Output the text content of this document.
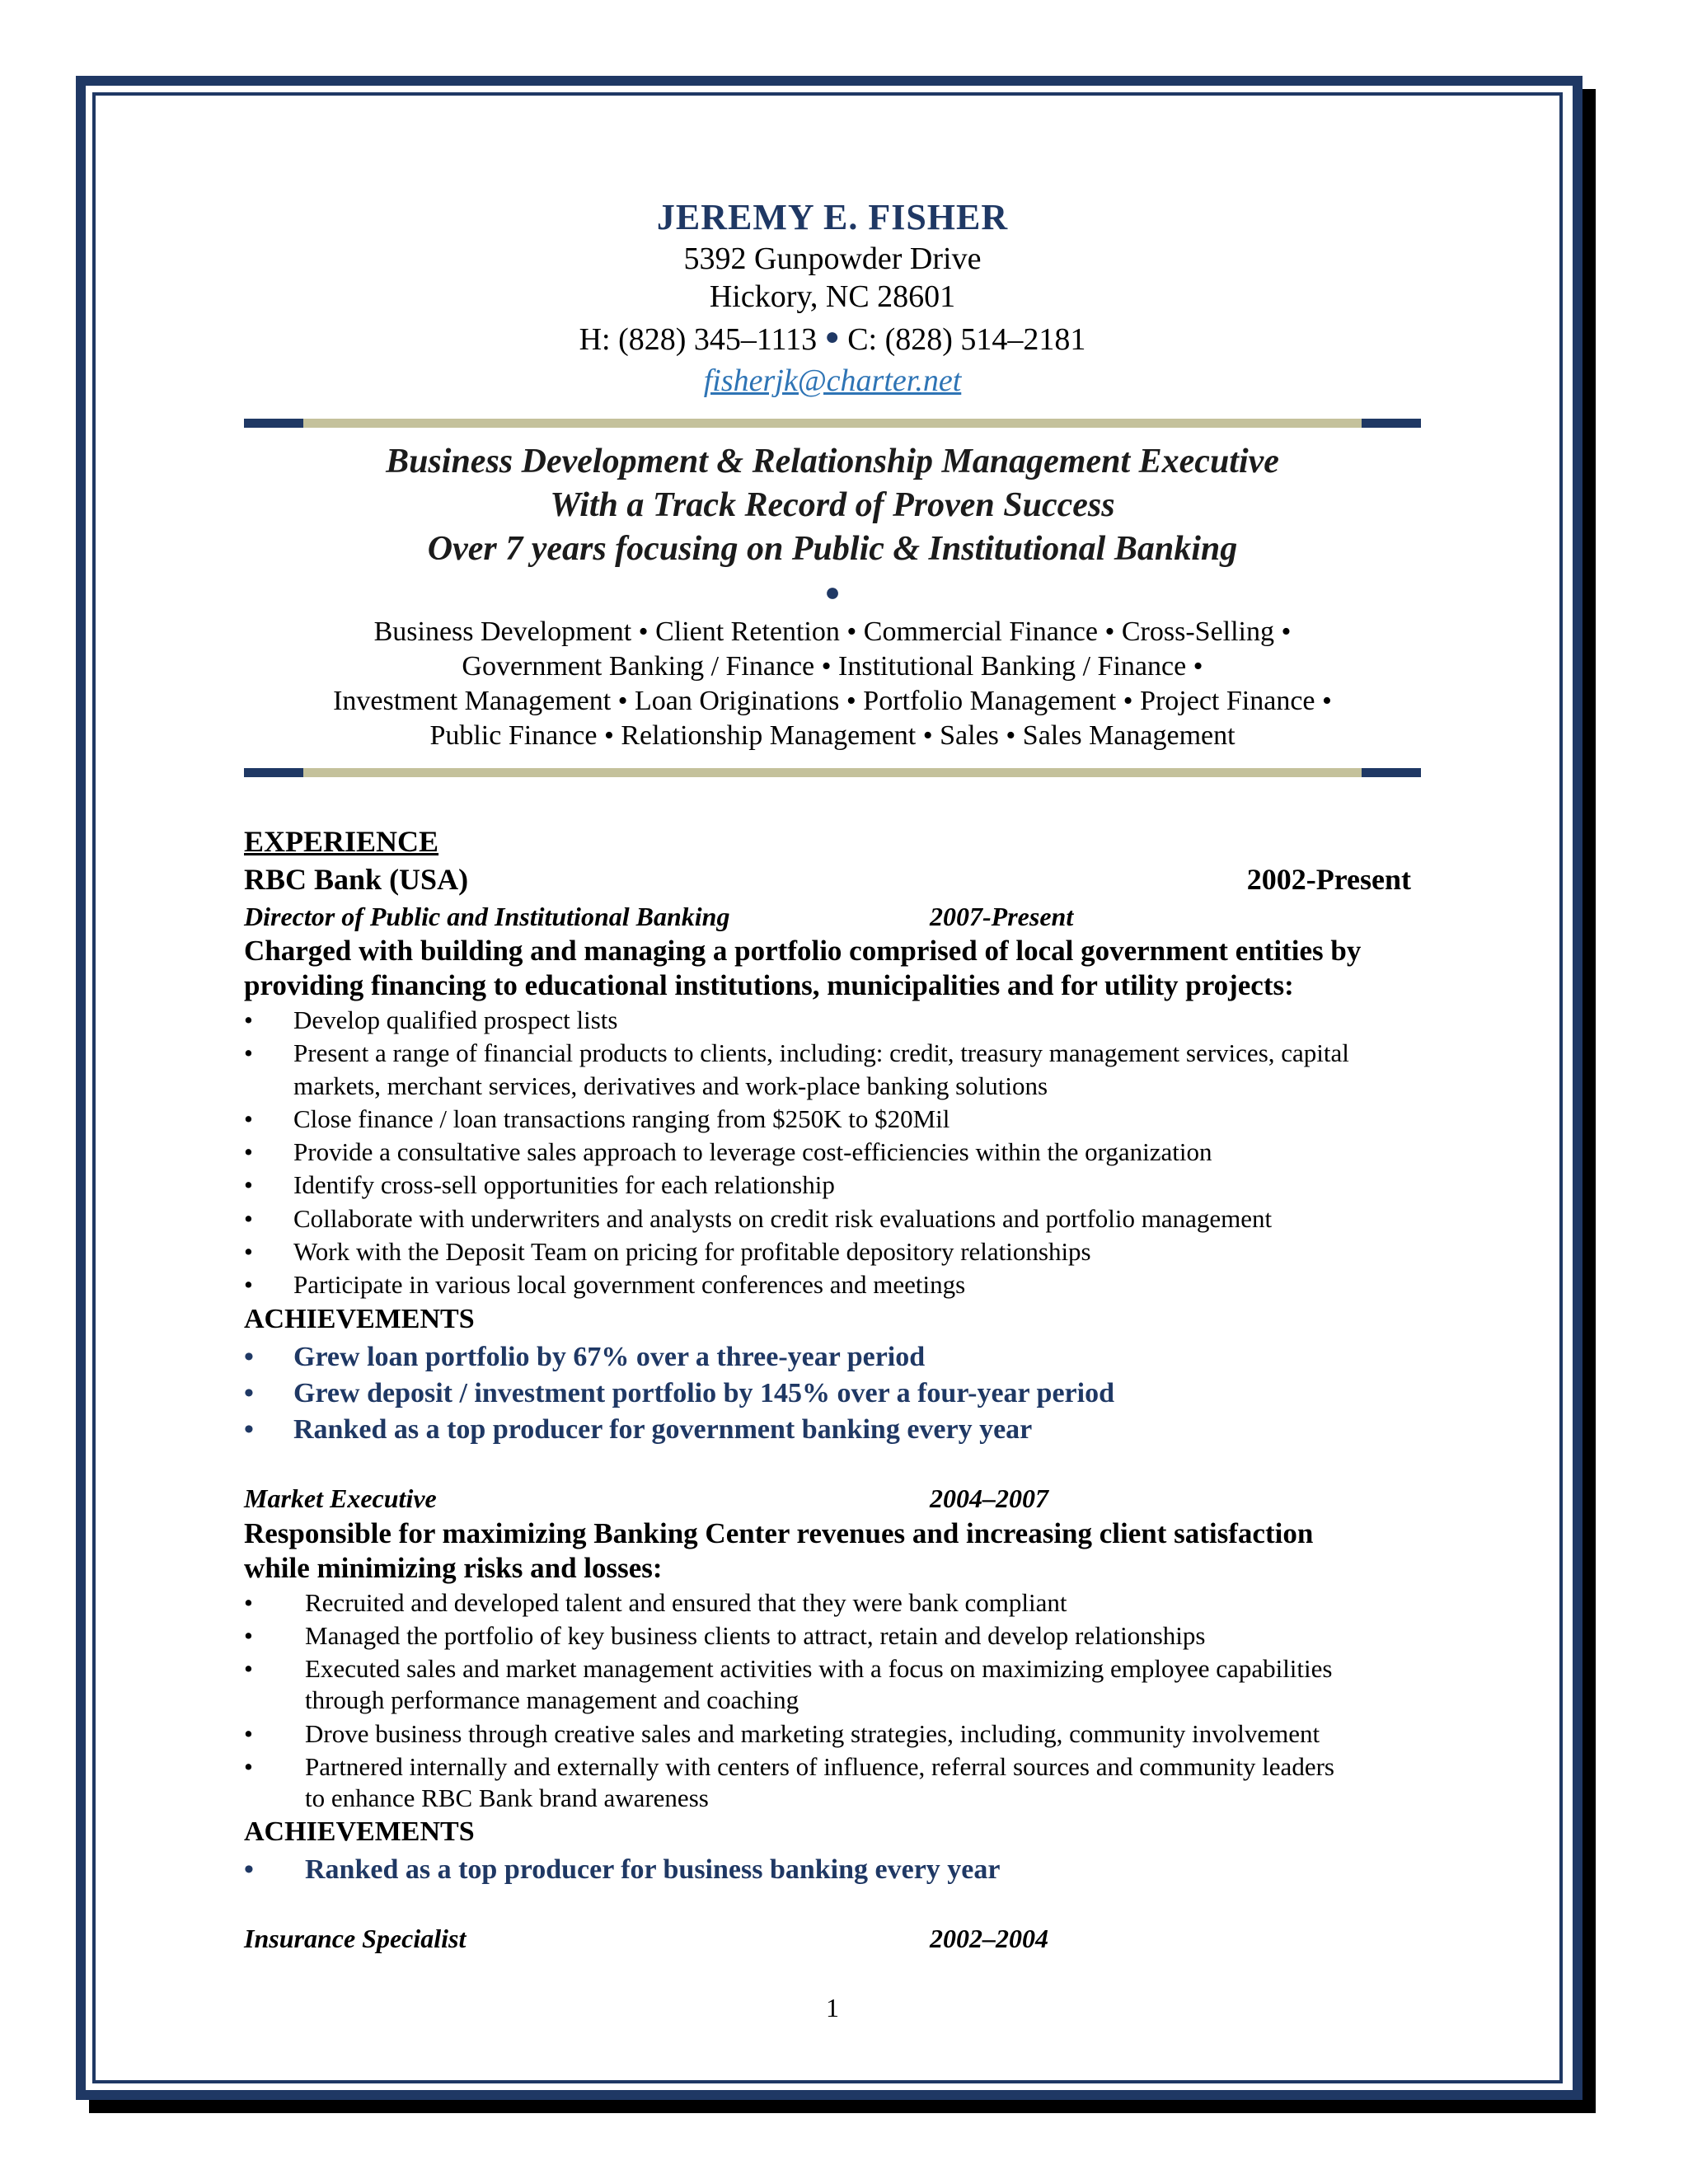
JEREMY E. FISHER
5392 Gunpowder Drive
Hickory, NC 28601
H: (828) 345–1113 ● C: (828) 514–2181
fisherjk@charter.net
Business Development & Relationship Management Executive
With a Track Record of Proven Success
Over 7 years focusing on Public & Institutional Banking
●
Business Development • Client Retention • Commercial Finance • Cross-Selling •
Government Banking / Finance • Institutional Banking / Finance •
Investment Management • Loan Originations • Portfolio Management • Project Finance •
Public Finance • Relationship Management • Sales • Sales Management
EXPERIENCE
RBC Bank (USA)	2002-Present
Director of Public and Institutional Banking	2007-Present
Charged with building and managing a portfolio comprised of local government entities by
providing financing to educational institutions, municipalities and for utility projects:
• Develop qualified prospect lists
• Present a range of financial products to clients, including: credit, treasury management services, capital
markets, merchant services, derivatives and work-place banking solutions
• Close finance / loan transactions ranging from $250K to $20Mil
• Provide a consultative sales approach to leverage cost-efficiencies within the organization
• Identify cross-sell opportunities for each relationship
• Collaborate with underwriters and analysts on credit risk evaluations and portfolio management
• Work with the Deposit Team on pricing for profitable depository relationships
• Participate in various local government conferences and meetings
ACHIEVEMENTS
• Grew loan portfolio by 67% over a three-year period
• Grew deposit / investment portfolio by 145% over a four-year period
• Ranked as a top producer for government banking every year
Market Executive	2004–2007
Responsible for maximizing Banking Center revenues and increasing client satisfaction
while minimizing risks and losses:
• Recruited and developed talent and ensured that they were bank compliant
• Managed the portfolio of key business clients to attract, retain and develop relationships
• Executed sales and market management activities with a focus on maximizing employee capabilities
through performance management and coaching
• Drove business through creative sales and marketing strategies, including, community involvement
• Partnered internally and externally with centers of influence, referral sources and community leaders
to enhance RBC Bank brand awareness
ACHIEVEMENTS
• Ranked as a top producer for business banking every year
Insurance Specialist	2002–2004
1
